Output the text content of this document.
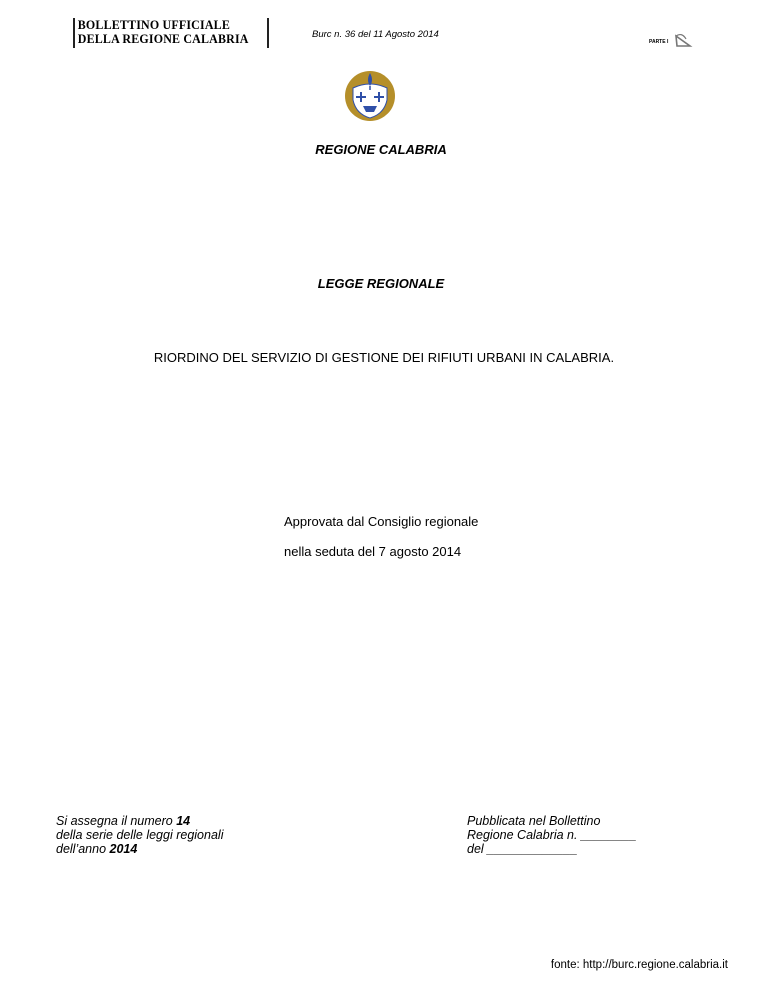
BOLLETTINO UFFICIALE
DELLA REGIONE CALABRIA	Burc n. 36 del 11 Agosto 2014
PARTE I
REGIONE CALABRIA
LEGGE REGIONALE
RIORDINO DEL SERVIZIO DI GESTIONE DEI RIFIUTI URBANI IN CALABRIA.
Approvata dal Consiglio regionale
nella seduta del 7 agosto 2014
Si assegna il numero 14
della serie delle leggi regionali
dell’anno 2014
Pubblicata nel Bollettino
Regione Calabria n. ________
del _____________
fonte: http://burc.regione.calabria.it
